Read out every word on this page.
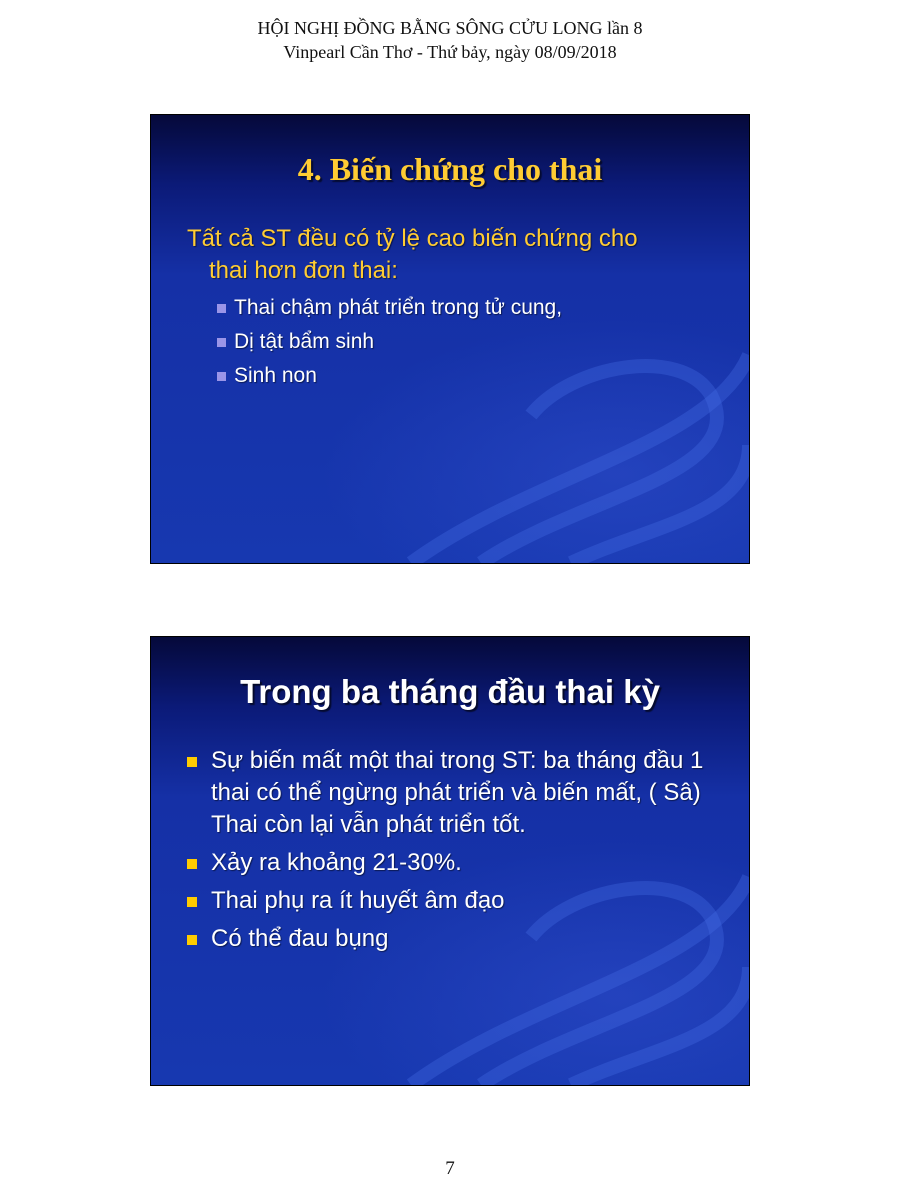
HỘI NGHỊ ĐỒNG BẰNG SÔNG CỬU LONG lần 8
Vinpearl Cần Thơ - Thứ bảy, ngày 08/09/2018
4. Biến chứng cho thai
Tất cả ST đều có tỷ lệ cao biến chứng cho
thai hơn đơn thai:
Thai chậm phát triển trong tử cung,
Dị tật bẩm sinh
Sinh non
Trong ba tháng đầu thai kỳ
Sự biến mất một thai trong ST: ba tháng đầu 1 thai có thể ngừng phát triển và biến mất, ( Sâ) Thai còn lại vẫn phát triển tốt.
Xảy ra khoảng 21-30%.
Thai phụ ra ít huyết âm đạo
Có thể đau bụng
7
